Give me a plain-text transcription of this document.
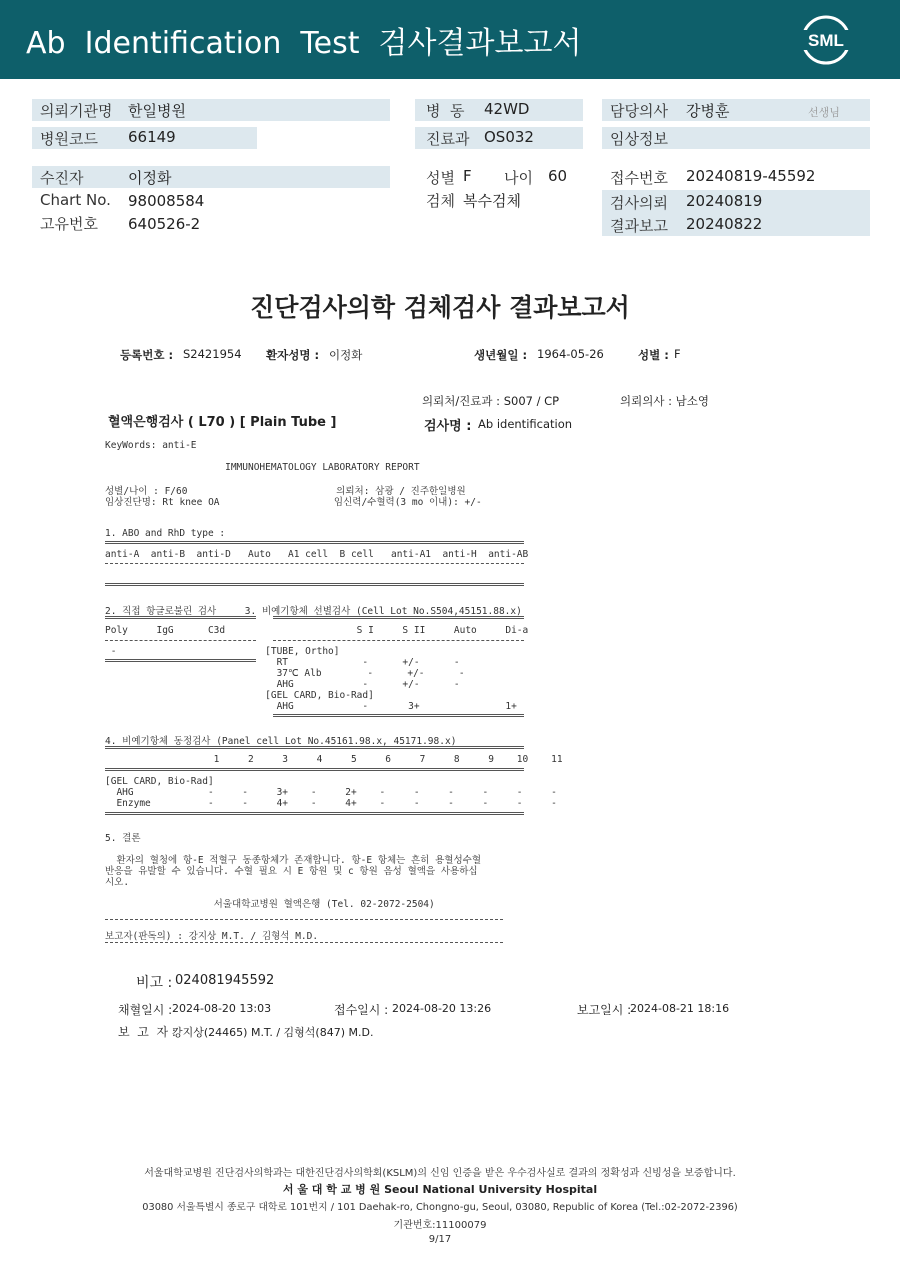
Ab  Identification  Test  검사결과보고서	SML
의뢰기관명 한일병원
병원코드 66149
병  동 42WD
진료과 OS032
담당의사 강병훈	선생님
임상정보
수진자	이정화
Chart No. 98008584
고유번호 640526-2
성별 F 나이 60
검체 복수검체
접수번호 20240819-45592
검사의뢰 20240819
결과보고 20240822
진단검사의학 검체검사 결과보고서
등록번호 : S2421954 환자성명 : 이정화	생년월일 : 1964-05-26	성별 : F
의뢰처/진료과 : S007 / CP	의뢰의사 : 남소영
혈액은행검사 ( L70 ) [ Plain Tube ]	검사명 : Ab identification
KeyWords: anti-E
IMMUNOHEMATOLOGY LABORATORY REPORT
성별/나이 : F/60                          의뢰처: 삼광 / 진주한일병원
임상진단명: Rt knee OA                    임신력/수혈력(3 mo 이내): +/-
1. ABO and RhD type :
anti-A  anti-B  anti-D   Auto   A1 cell  B cell   anti-A1  anti-H  anti-AB
2. 직접 항글로불린 검사     3. 비예기항체 선별검사 (Cell Lot No.S504,45151.88.x)
Poly     IgG      C3d                       S I     S II     Auto     Di-a
-                          [TUBE, Ortho]
RT             -      +/-      -
37℃ Alb        -      +/-      -
AHG            -      +/-      -
[GEL CARD, Bio-Rad]
AHG            -       3+               1+
4. 비예기항체 동정검사 (Panel cell Lot No.45161.98.x, 45171.98.x)
1     2     3     4     5     6     7     8     9    10    11
[GEL CARD, Bio-Rad]
AHG             -     -     3+    -     2+    -     -     -     -     -     -
Enzyme          -     -     4+    -     4+    -     -     -     -     -     -
5. 결론
환자의 혈청에 항-E 적혈구 동종항체가 존재합니다. 항-E 항체는 흔히 용혈성수혈
반응을 유발할 수 있습니다. 수혈 필요 시 E 항원 및 c 항원 음성 혈액을 사용하십
시오.
서울대학교병원 혈액은행 (Tel. 02-2072-2504)
보고자(판독의) : 강지상 M.T. / 김형석 M.D.
비고 : 024081945592
채혈일시 : 2024-08-20 13:03	접수일시 : 2024-08-20 13:26	보고일시 :
2024-08-21 18:16
보  고  자 :
강지상(24465) M.T. / 김형석(847) M.D.
서울대학교병원 진단검사의학과는 대한진단검사의학회(KSLM)의 신임 인증을 받은 우수검사실로 결과의 정확성과 신빙성을 보증합니다.
서 울 대 학 교 병 원 Seoul National University Hospital
03080 서울특별시 종로구 대학로 101번지 / 101 Daehak-ro, Chongno-gu, Seoul, 03080, Republic of Korea (Tel.:02-2072-2396)
기관번호:11100079
9/17
